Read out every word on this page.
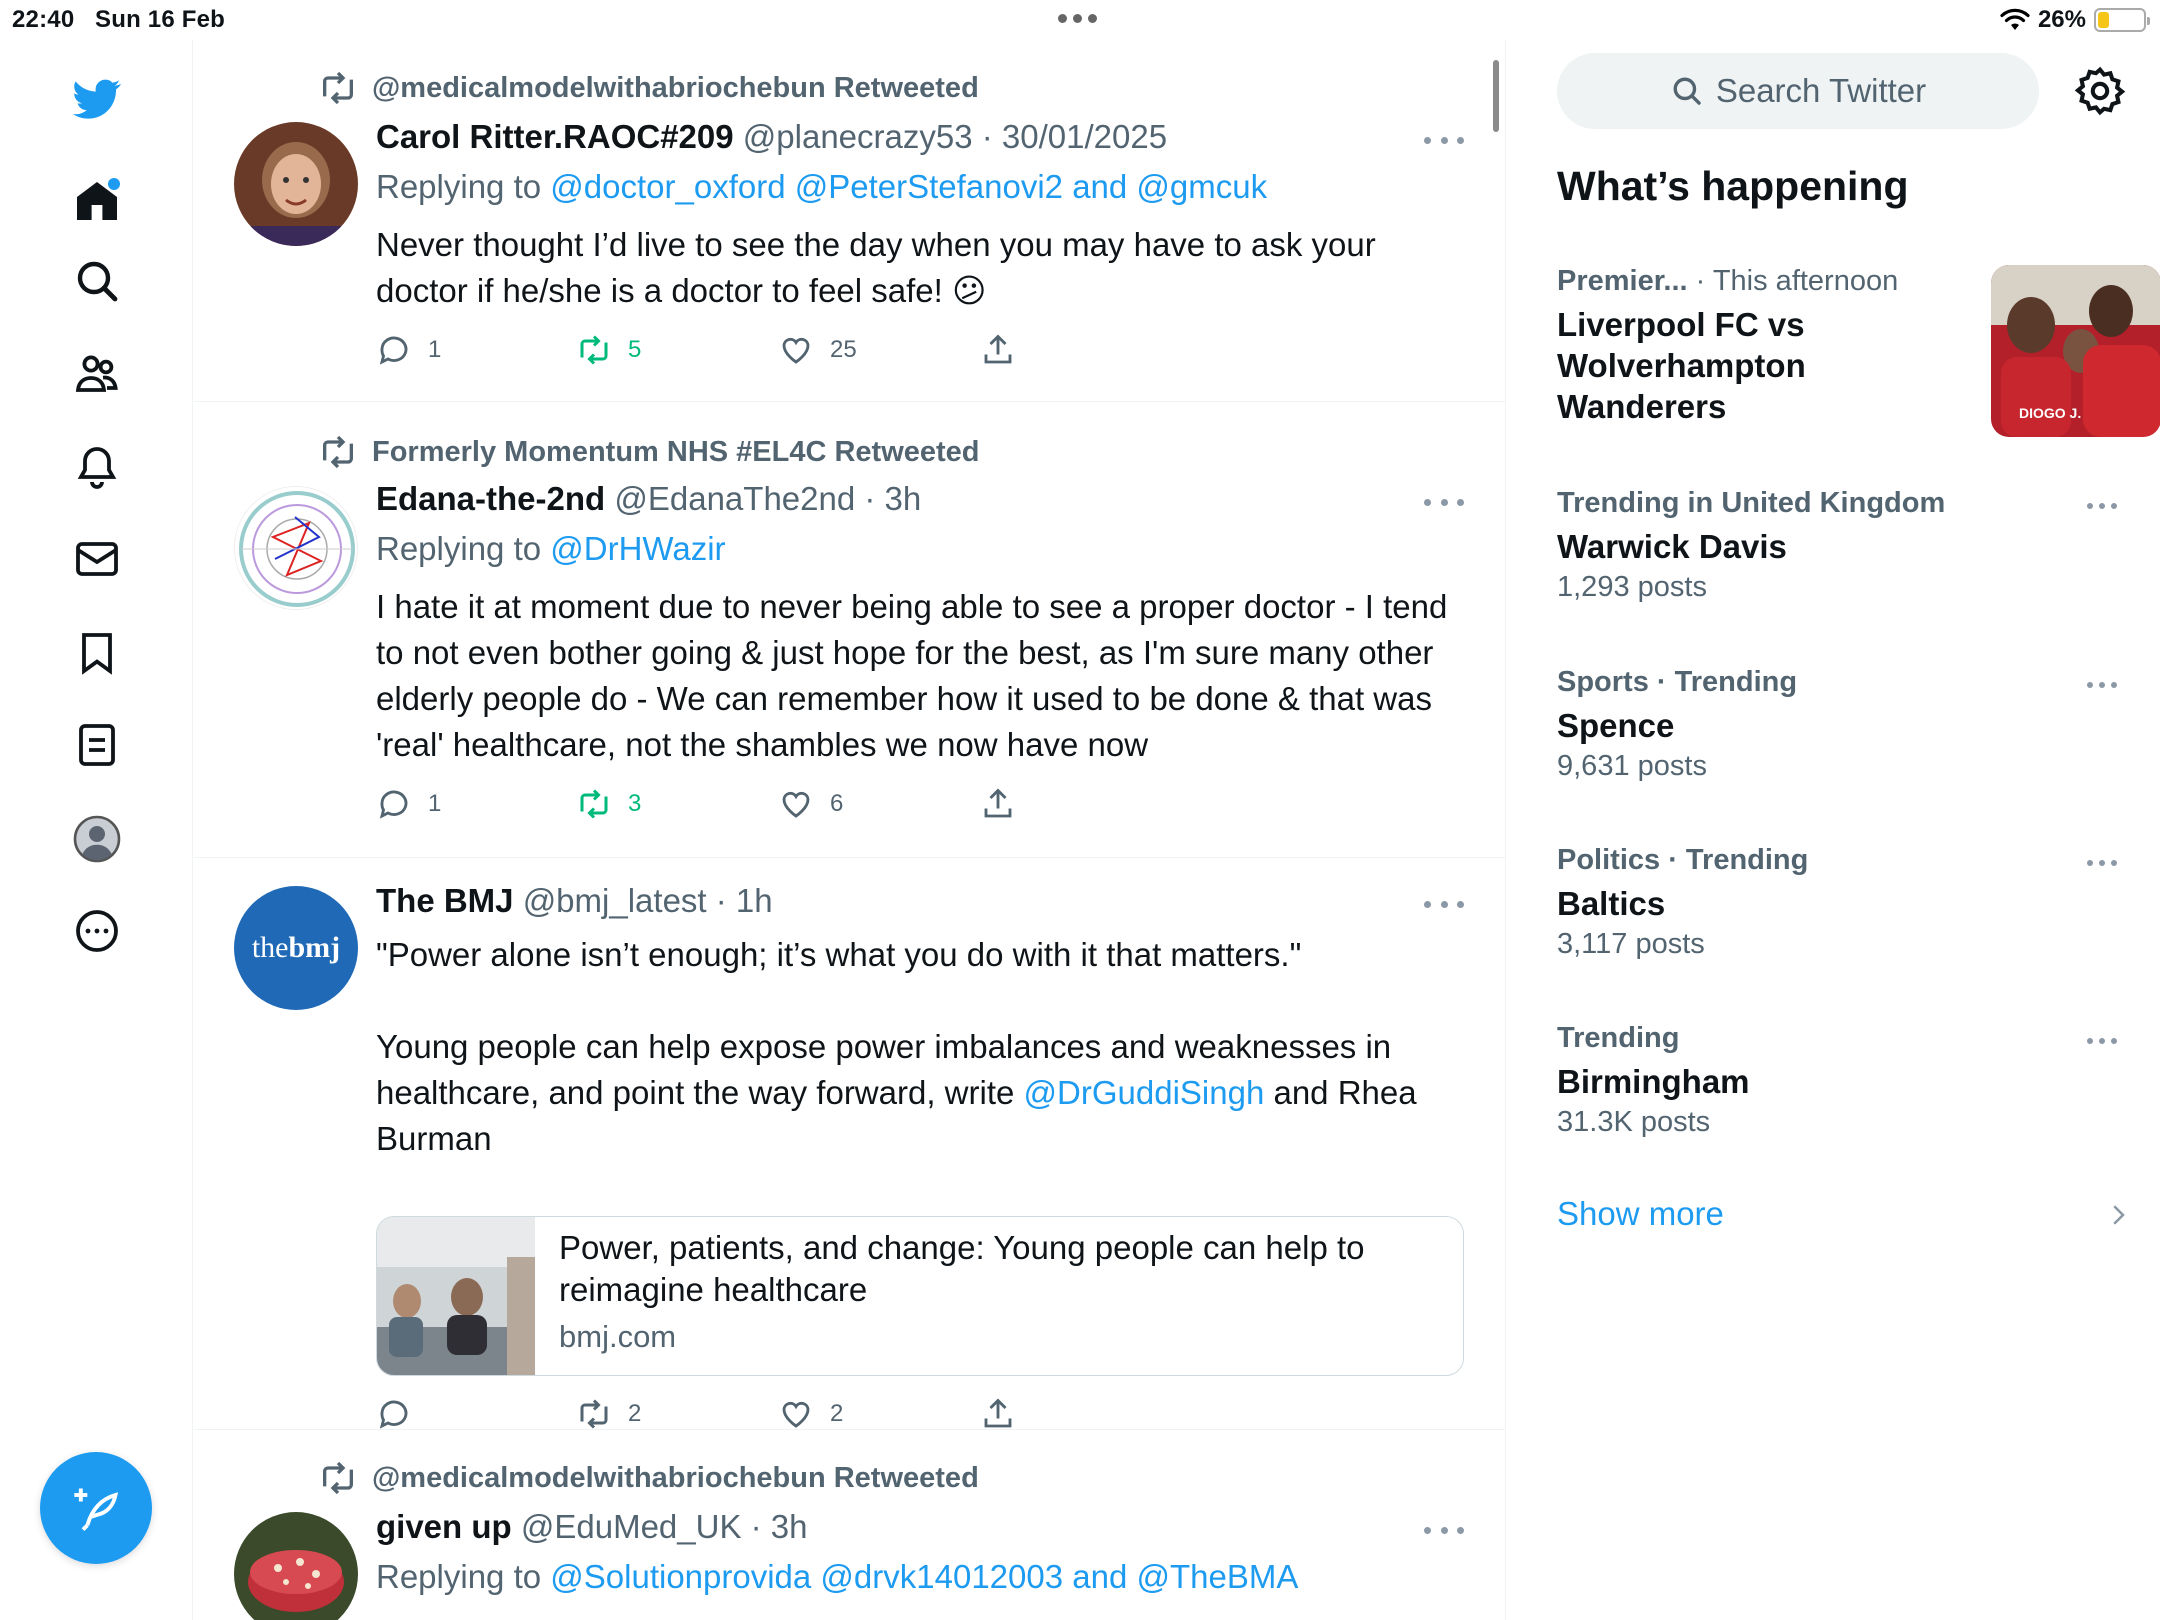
22:40 Sun 16 Feb	26%
@medicalmodelwithabriochebun Retweeted
Carol Ritter.RAOC#209 @planecrazy53 · 30/01/2025
Replying to @doctor_oxford @PeterStefanovi2 and @gmcuk
Never thought I’d live to see the day when you may have to ask your doctor if he/she is a doctor to feel safe! 😕
1	5	25
Formerly Momentum NHS #EL4C Retweeted
Edana-the-2nd @EdanaThe2nd · 3h
Replying to @DrHWazir
I hate it at moment due to never being able to see a proper doctor - I tend to not even bother going & just hope for the best, as I'm sure many other elderly people do - We can remember how it used to be done & that was 'real' healthcare, not the shambles we now have now
1	3	6
thebmj
The BMJ @bmj_latest · 1h
"Power alone isn’t enough; it’s what you do with it that matters."
Young people can help expose power imbalances and weaknesses in healthcare, and point the way forward, write @DrGuddiSingh and Rhea Burman
Power, patients, and change: Young people can help to reimagine healthcare
bmj.com
2	2
@medicalmodelwithabriochebun Retweeted
given up @EduMed_UK · 3h
Replying to @Solutionprovida @drvk14012003 and @TheBMA
Search Twitter
What’s happening
Premier... · This afternoon
Liverpool FC vs Wolverhampton Wanderers	DIOGO J.
Trending in United Kingdom
Warwick Davis
1,293 posts
Sports · Trending
Spence
9,631 posts
Politics · Trending
Baltics
3,117 posts
Trending
Birmingham
31.3K posts
Show more
